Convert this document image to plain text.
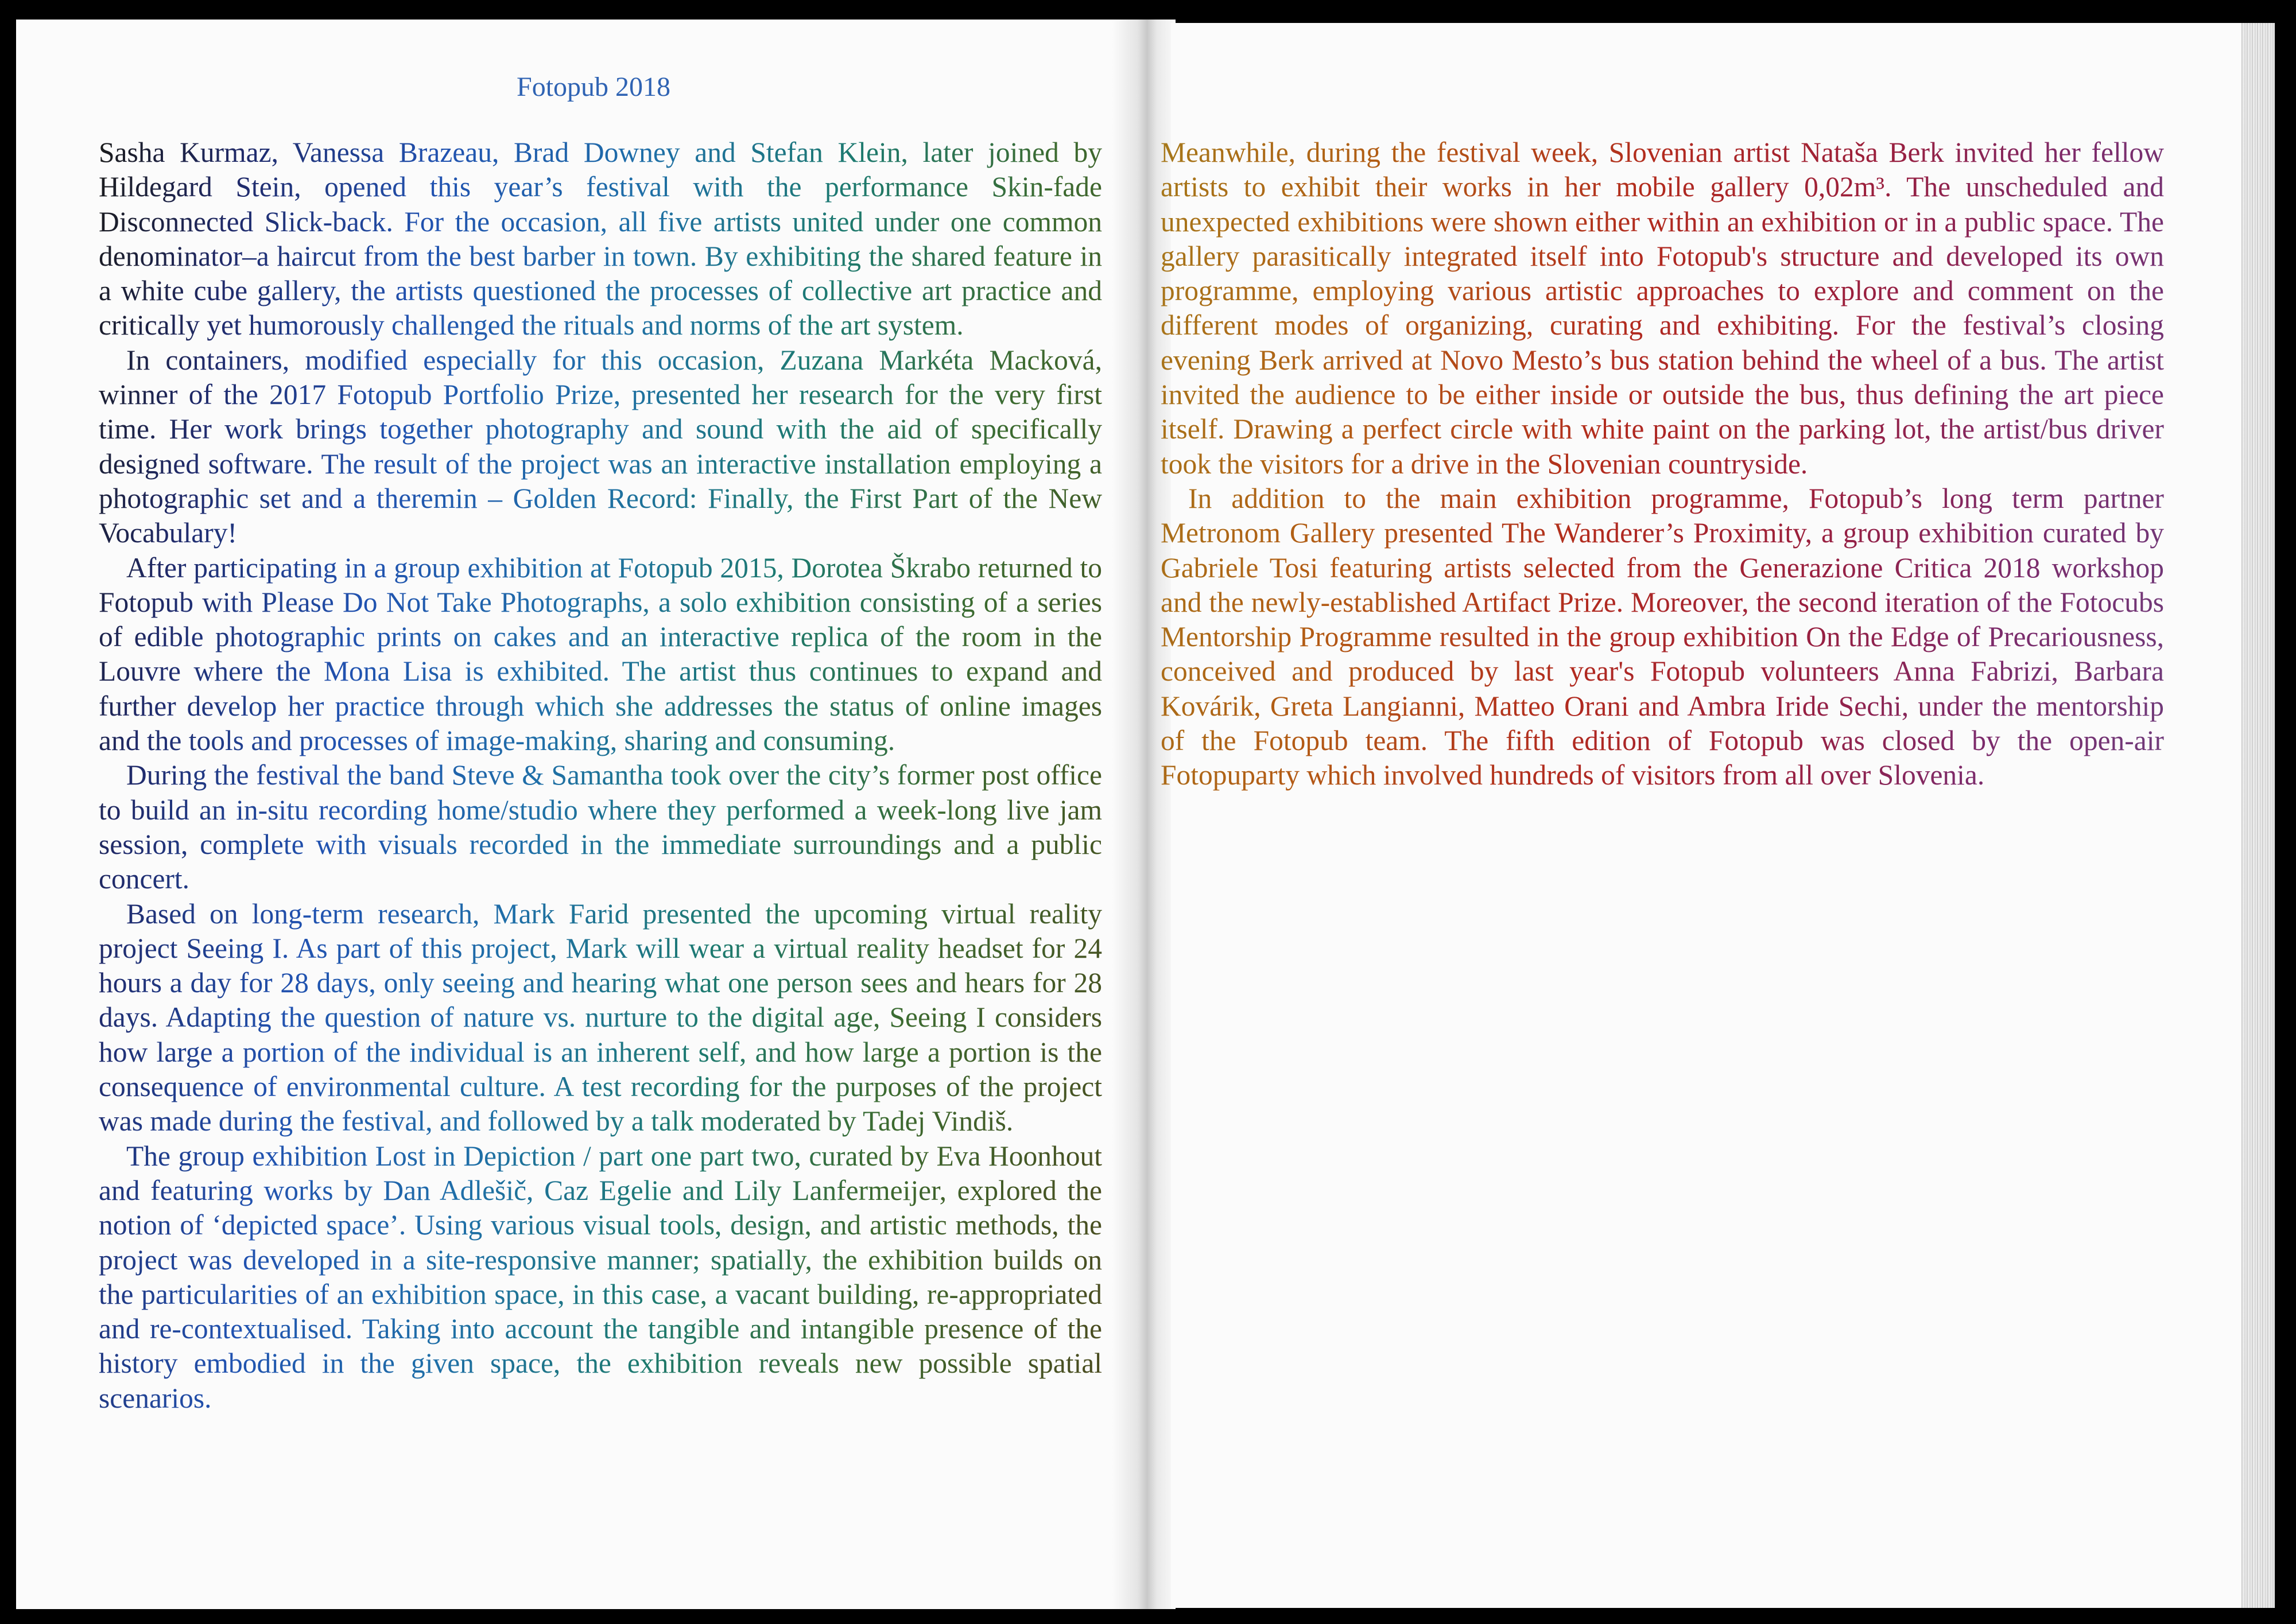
Fotopub 2018

Sasha Kurmaz, Vanessa Brazeau, Brad Downey and Stefan Klein, later joined by Hildegard Stein, opened this year’s festival with the performance Skin-fade Disconnected Slick-back. For the occasion, all five artists united under one common denominator–a haircut from the best barber in town. By exhibiting the shared feature in a white cube gallery, the artists questioned the processes of collective art practice and critically yet humorously challenged the rituals and norms of the art system.

In containers, modified especially for this occasion, Zuzana Markéta Macková, winner of the 2017 Fotopub Portfolio Prize, presented her research for the very first time. Her work brings together photography and sound with the aid of specifically designed software. The result of the project was an interactive installation employing a photographic set and a theremin – Golden Record: Finally, the First Part of the New Vocabulary!

After participating in a group exhibition at Fotopub 2015, Dorotea Škrabo returned to Fotopub with Please Do Not Take Photographs, a solo exhibition consisting of a series of edible photographic prints on cakes and an interactive replica of the room in the Louvre where the Mona Lisa is exhibited. The artist thus continues to expand and further develop her practice through which she addresses the status of online images and the tools and processes of image-making, sharing and consuming.

During the festival the band Steve & Samantha took over the city’s former post office to build an in-situ recording home/studio where they performed a week-long live jam session, complete with visuals recorded in the immediate surroundings and a public concert.

Based on long-term research, Mark Farid presented the upcoming virtual reality project Seeing I. As part of this project, Mark will wear a virtual reality headset for 24 hours a day for 28 days, only seeing and hearing what one person sees and hears for 28 days. Adapting the question of nature vs. nurture to the digital age, Seeing I considers how large a portion of the individual is an inherent self, and how large a portion is the consequence of environmental culture. A test recording for the purposes of the project was made during the festival, and followed by a talk moderated by Tadej Vindiš.

The group exhibition Lost in Depiction / part one part two, curated by Eva Hoonhout and featuring works by Dan Adlešič, Caz Egelie and Lily Lanfermeijer, explored the notion of ‘depicted space’. Using various visual tools, design, and artistic methods, the project was developed in a site-responsive manner; spatially, the exhibition builds on the particularities of an exhibition space, in this case, a vacant building, re-appropriated and re-contextualised. Taking into account the tangible and intangible presence of the history embodied in the given space, the exhibition reveals new possible spatial scenarios.

Meanwhile, during the festival week, Slovenian artist Nataša Berk invited her fellow artists to exhibit their works in her mobile gallery 0,02m³. The unscheduled and unexpected exhibitions were shown either within an exhibition or in a public space. The gallery parasitically integrated itself into Fotopub's structure and developed its own programme, employing various artistic approaches to explore and comment on the different modes of organizing, curating and exhibiting. For the festival’s closing evening Berk arrived at Novo Mesto’s bus station behind the wheel of a bus. The artist invited the audience to be either inside or outside the bus, thus defining the art piece itself. Drawing a perfect circle with white paint on the parking lot, the artist/bus driver took the visitors for a drive in the Slovenian countryside.

In addition to the main exhibition programme, Fotopub’s long term partner Metronom Gallery presented The Wanderer’s Proximity, a group exhibition curated by Gabriele Tosi featuring artists selected from the Generazione Critica 2018 workshop and the newly-established Artifact Prize. Moreover, the second iteration of the Fotocubs Mentorship Programme resulted in the group exhibition On the Edge of Precariousness, conceived and produced by last year's Fotopub volunteers Anna Fabrizi, Barbara Kovárik, Greta Langianni, Matteo Orani and Ambra Iride Sechi, under the mentorship of the Fotopub team. The fifth edition of Fotopub was closed by the open-air Fotopuparty which involved hundreds of visitors from all over Slovenia.
